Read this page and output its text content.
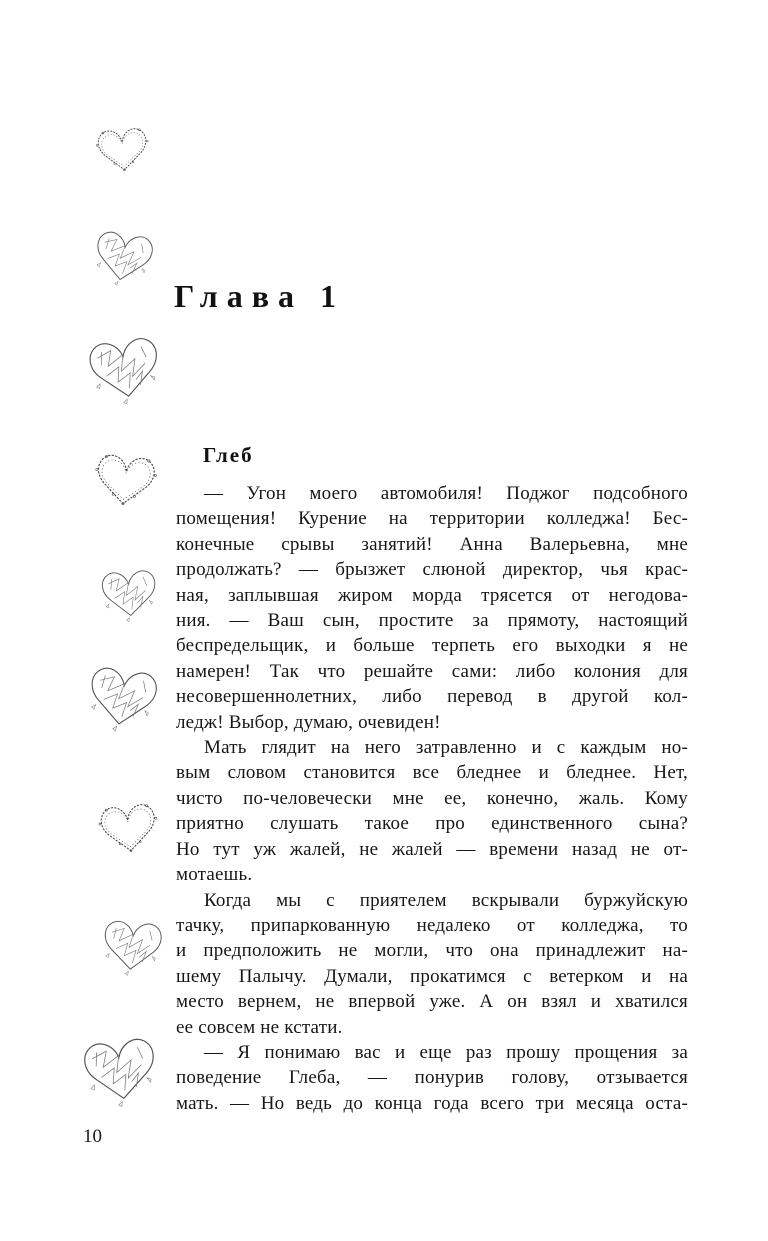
Глава 1
Глеб
— Угон моего автомобиля! Поджог подсобного
помещения! Курение на территории колледжа! Бес-
конечные срывы занятий! Анна Валерьевна, мне
продолжать? — брызжет слюной директор, чья крас-
ная, заплывшая жиром морда трясется от негодова-
ния. — Ваш сын, простите за прямоту, настоящий
беспредельщик, и больше терпеть его выходки я не
намерен! Так что решайте сами: либо колония для
несовершеннолетних, либо перевод в другой кол-
ледж! Выбор, думаю, очевиден!
Мать глядит на него затравленно и с каждым но-
вым словом становится все бледнее и бледнее. Нет,
чисто по-человечески мне ее, конечно, жаль. Кому
приятно слушать такое про единственного сына?
Но тут уж жалей, не жалей — времени назад не от-
мотаешь.
Когда мы с приятелем вскрывали буржуйскую
тачку, припаркованную недалеко от колледжа, то
и предположить не могли, что она принадлежит на-
шему Палычу. Думали, прокатимся с ветерком и на
место вернем, не впервой уже. А он взял и хватился
ее совсем не кстати.
— Я понимаю вас и еще раз прошу прощения за
поведение Глеба, — понурив голову, отзывается
мать. — Но ведь до конца года всего три месяца оста-
10
